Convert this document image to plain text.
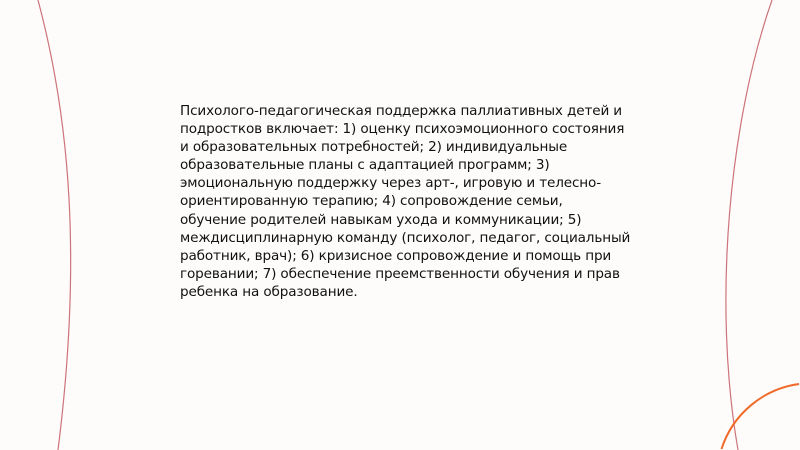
Психолого-педагогическая поддержка паллиативных детей и
подростков включает: 1) оценку психоэмоционного состояния
и образовательных потребностей; 2) индивидуальные
образовательные планы с адаптацией программ; 3)
эмоциональную поддержку через арт-, игровую и телесно-
ориентированную терапию; 4) сопровождение семьи,
обучение родителей навыкам ухода и коммуникации; 5)
междисциплинарную команду (психолог, педагог, социальный
работник, врач); 6) кризисное сопровождение и помощь при
горевании; 7) обеспечение преемственности обучения и прав
ребенка на образование.
